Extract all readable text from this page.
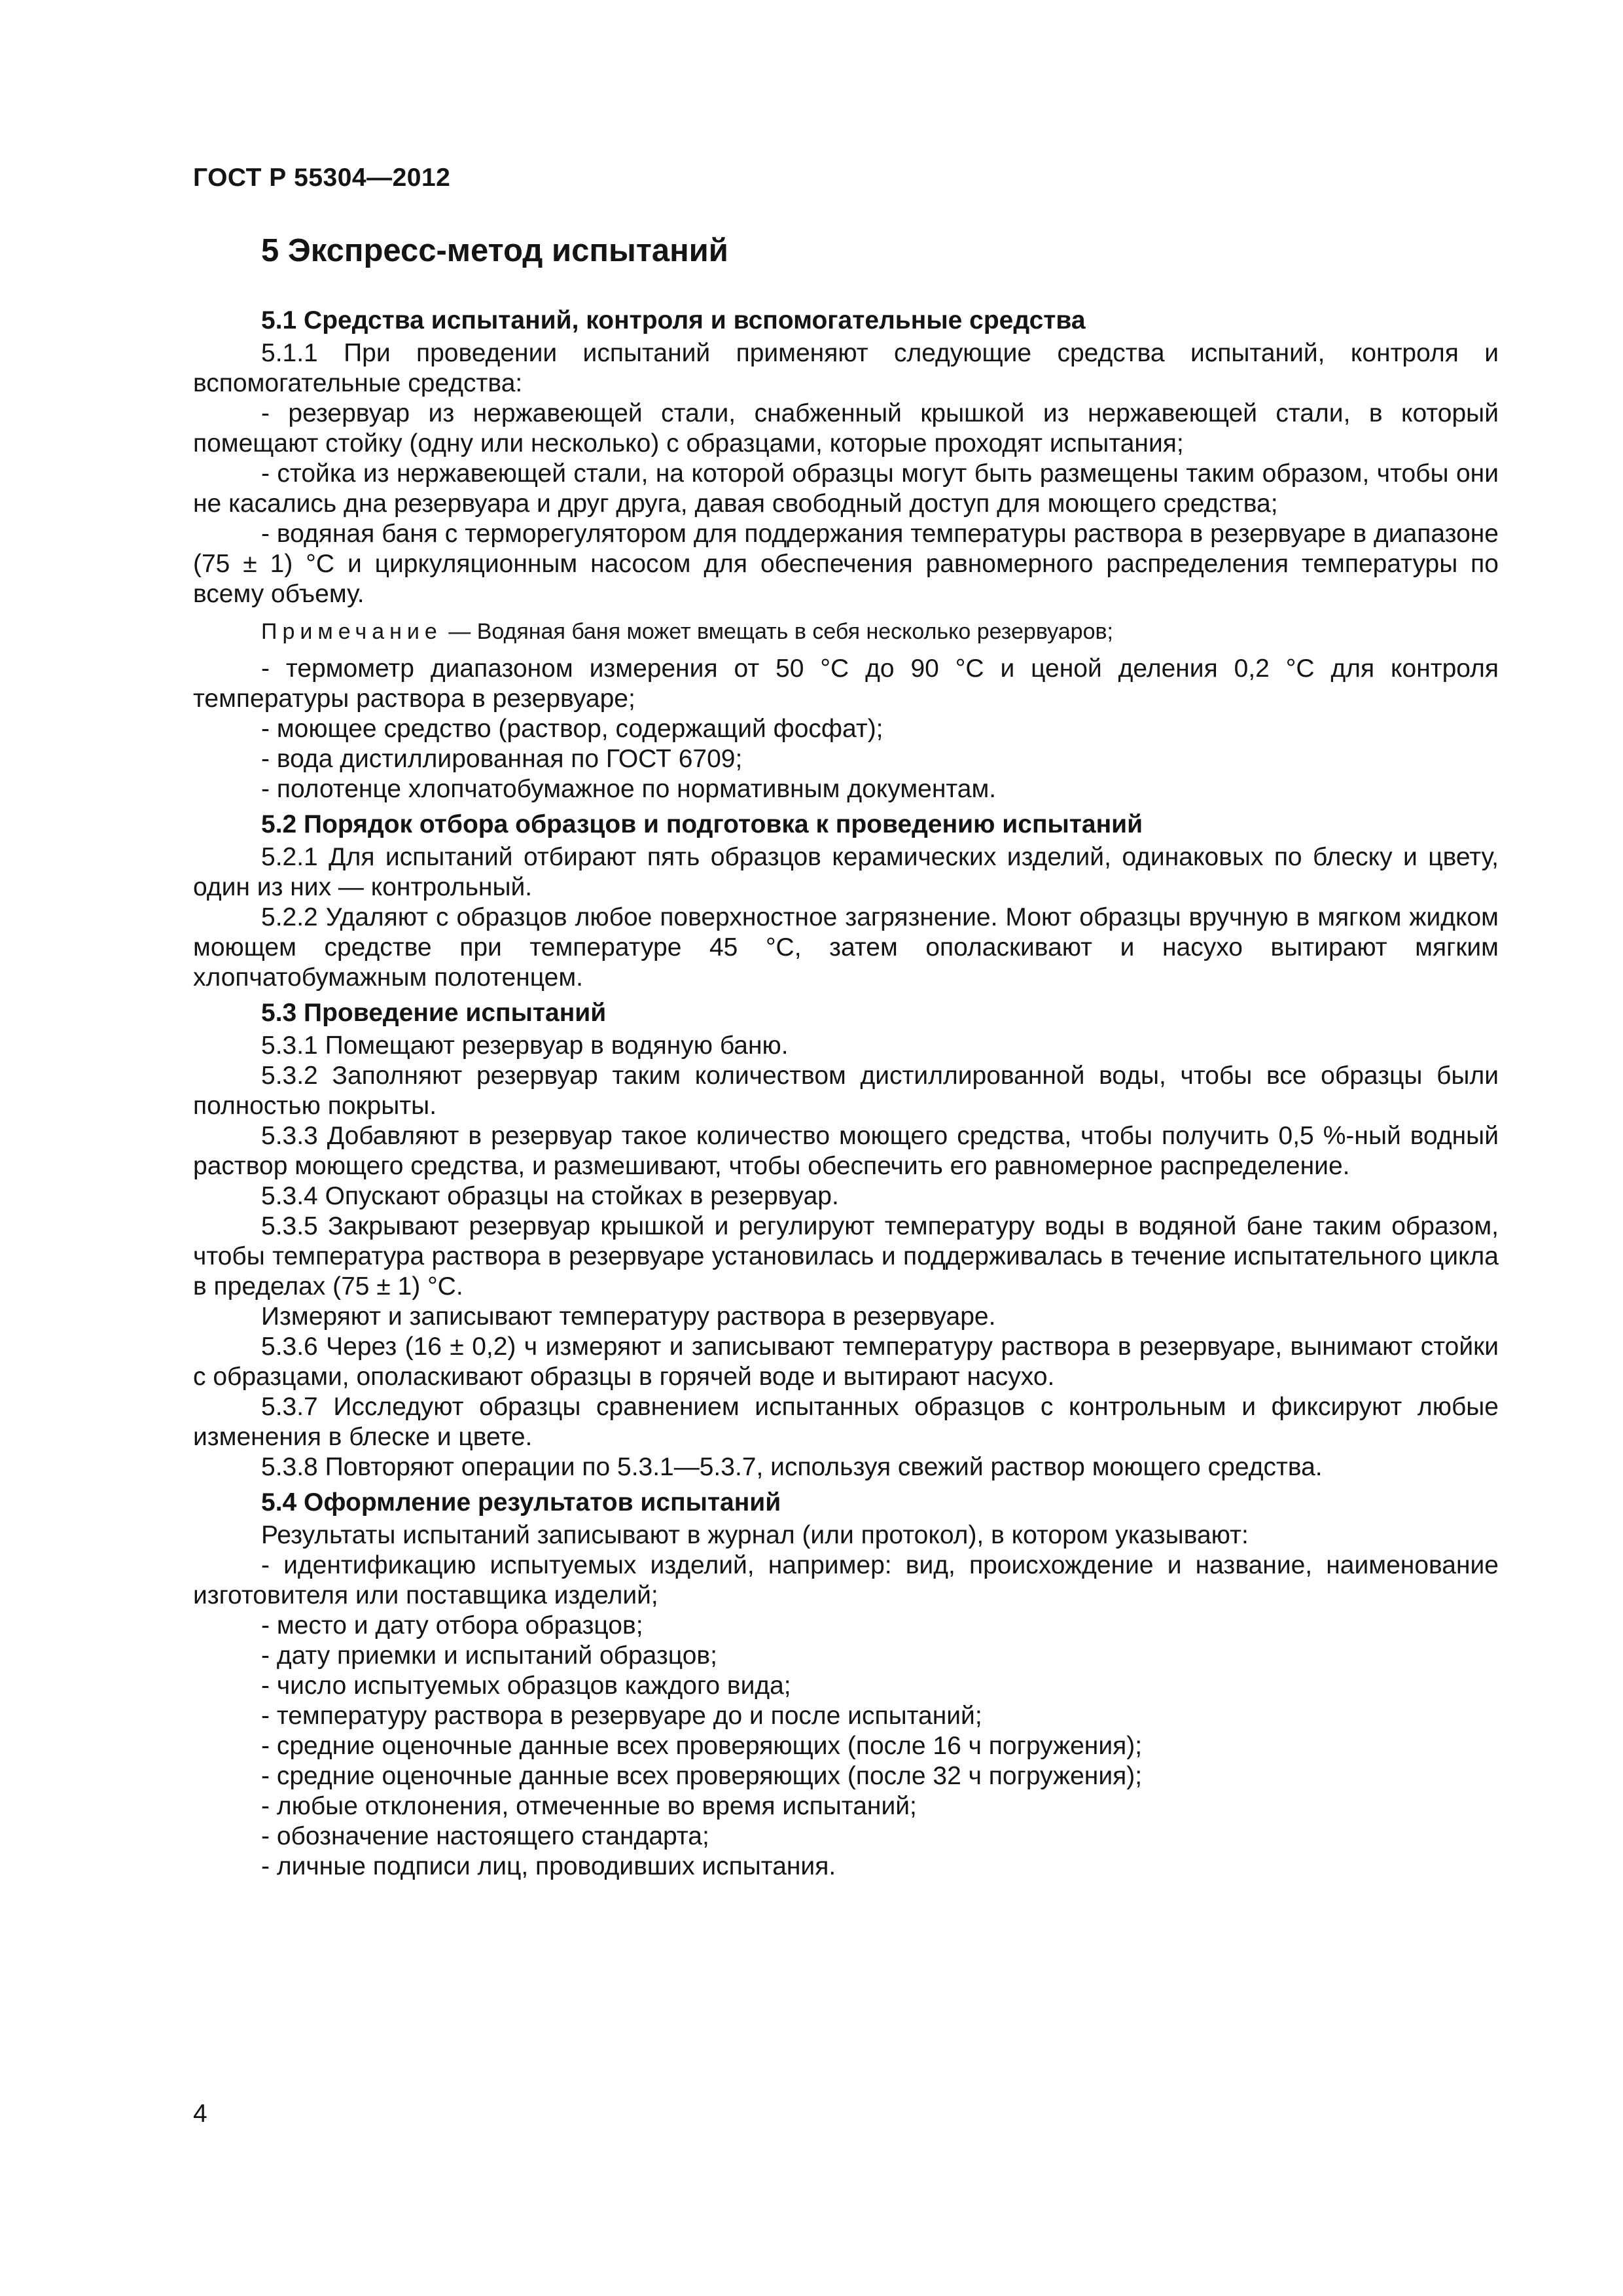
ГОСТ Р 55304—2012
5 Экспресс-метод испытаний
5.1 Средства испытаний, контроля и вспомогательные средства

5.1.1 При проведении испытаний применяют следующие средства испытаний, контроля и вспомогательные средства:

- резервуар из нержавеющей стали, снабженный крышкой из нержавеющей стали, в который помещают стойку (одну или несколько) с образцами, которые проходят испытания;

- стойка из нержавеющей стали, на которой образцы могут быть размещены таким образом, чтобы они не касались дна резервуара и друг друга, давая свободный доступ для моющего средства;

- водяная баня с терморегулятором для поддержания температуры раствора в резервуаре в диапазоне (75 ± 1) °С и циркуляционным насосом для обеспечения равномерного распределения температуры по всему объему.

Примечание — Водяная баня может вмещать в себя несколько резервуаров;

- термометр диапазоном измерения от 50 °С до 90 °С и ценой деления 0,2 °С для контроля температуры раствора в резервуаре;

- моющее средство (раствор, содержащий фосфат);

- вода дистиллированная по ГОСТ 6709;

- полотенце хлопчатобумажное по нормативным документам.

5.2 Порядок отбора образцов и подготовка к проведению испытаний

5.2.1 Для испытаний отбирают пять образцов керамических изделий, одинаковых по блеску и цвету, один из них — контрольный.

5.2.2 Удаляют с образцов любое поверхностное загрязнение. Моют образцы вручную в мягком жидком моющем средстве при температуре 45 °С, затем ополаскивают и насухо вытирают мягким хлопчатобумажным полотенцем.

5.3 Проведение испытаний

5.3.1 Помещают резервуар в водяную баню.

5.3.2 Заполняют резервуар таким количеством дистиллированной воды, чтобы все образцы были полностью покрыты.

5.3.3 Добавляют в резервуар такое количество моющего средства, чтобы получить 0,5 %-ный водный раствор моющего средства, и размешивают, чтобы обеспечить его равномерное распределение.

5.3.4 Опускают образцы на стойках в резервуар.

5.3.5 Закрывают резервуар крышкой и регулируют температуру воды в водяной бане таким образом, чтобы температура раствора в резервуаре установилась и поддерживалась в течение испытательного цикла в пределах (75 ± 1) °С.

Измеряют и записывают температуру раствора в резервуаре.

5.3.6 Через (16 ± 0,2) ч измеряют и записывают температуру раствора в резервуаре, вынимают стойки с образцами, ополаскивают образцы в горячей воде и вытирают насухо.

5.3.7 Исследуют образцы сравнением испытанных образцов с контрольным и фиксируют любые изменения в блеске и цвете.

5.3.8 Повторяют операции по 5.3.1—5.3.7, используя свежий раствор моющего средства.

5.4 Оформление результатов испытаний

Результаты испытаний записывают в журнал (или протокол), в котором указывают:

- идентификацию испытуемых изделий, например: вид, происхождение и название, наименование изготовителя или поставщика изделий;

- место и дату отбора образцов;

- дату приемки и испытаний образцов;

- число испытуемых образцов каждого вида;

- температуру раствора в резервуаре до и после испытаний;

- средние оценочные данные всех проверяющих (после 16 ч погружения);

- средние оценочные данные всех проверяющих (после 32 ч погружения);

- любые отклонения, отмеченные во время испытаний;

- обозначение настоящего стандарта;

- личные подписи лиц, проводивших испытания.

4
